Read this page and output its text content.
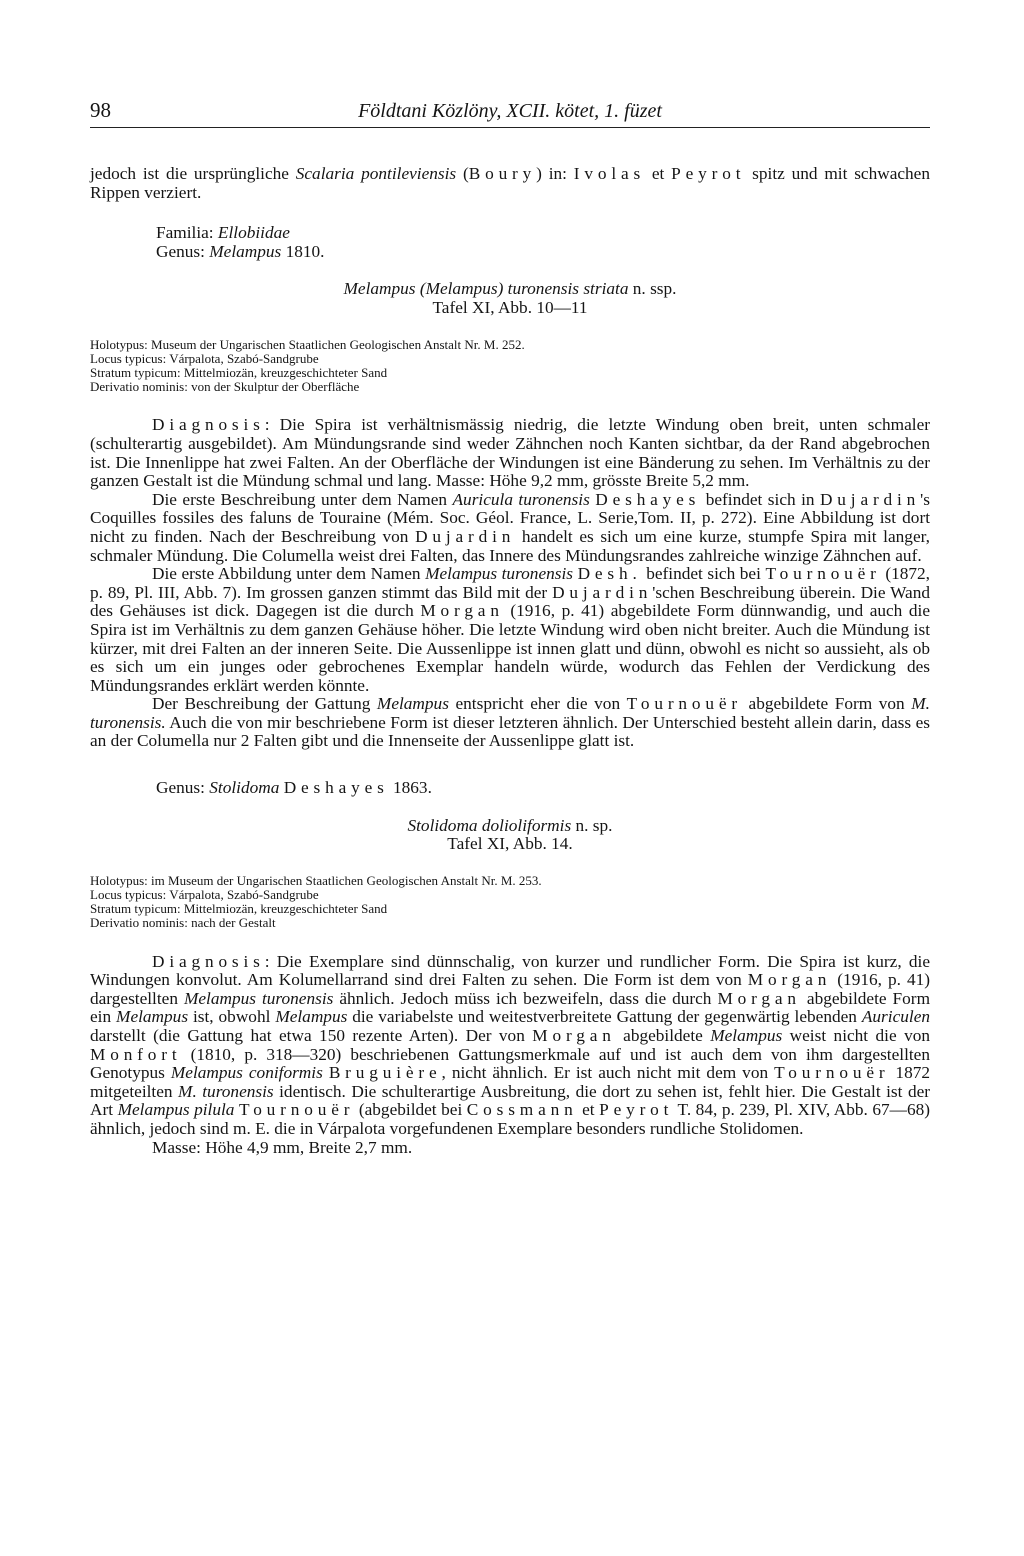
98	Földtani Közlöny, XCII. kötet, 1. füzet

jedoch ist die ursprüngliche Scalaria pontileviensis (Boury) in: Ivolas et Peyrot spitz und mit schwachen Rippen verziert.

Familia: Ellobiidae

Genus: Melampus 1810.

Melampus (Melampus) turonensis striata n. ssp.

Tafel XI, Abb. 10—11

Holotypus: Museum der Ungarischen Staatlichen Geologischen Anstalt Nr. M. 252.

Locus typicus: Várpalota, Szabó-Sandgrube

Stratum typicum: Mittelmiozän, kreuzgeschichteter Sand

Derivatio nominis: von der Skulptur der Oberfläche

Diagnosis: Die Spira ist verhältnismässig niedrig, die letzte Windung oben breit, unten schmaler (schulterartig ausgebildet). Am Mündungsrande sind weder Zähnchen noch Kanten sichtbar, da der Rand abgebrochen ist. Die Innenlippe hat zwei Falten. An der Oberfläche der Windungen ist eine Bänderung zu sehen. Im Verhältnis zu der ganzen Gestalt ist die Mündung schmal und lang. Masse: Höhe 9,2 mm, grösste Breite 5,2 mm.

Die erste Beschreibung unter dem Namen Auricula turonensis Deshayes befindet sich in Dujardin's Coquilles fossiles des faluns de Touraine (Mém. Soc. Géol. France, L. Serie,Tom. II, p. 272). Eine Abbildung ist dort nicht zu finden. Nach der Beschreibung von Dujardin handelt es sich um eine kurze, stumpfe Spira mit langer, schmaler Mündung. Die Columella weist drei Falten, das Innere des Mündungsrandes zahlreiche winzige Zähnchen auf.

Die erste Abbildung unter dem Namen Melampus turonensis Desh. befindet sich bei Tournouër (1872, p. 89, Pl. III, Abb. 7). Im grossen ganzen stimmt das Bild mit der Dujardin'schen Beschreibung überein. Die Wand des Gehäuses ist dick. Dagegen ist die durch Morgan (1916, p. 41) abgebildete Form dünnwandig, und auch die Spira ist im Verhältnis zu dem ganzen Gehäuse höher. Die letzte Windung wird oben nicht breiter. Auch die Mündung ist kürzer, mit drei Falten an der inneren Seite. Die Aussenlippe ist innen glatt und dünn, obwohl es nicht so aussieht, als ob es sich um ein junges oder gebrochenes Exemplar handeln würde, wodurch das Fehlen der Verdickung des Mündungsrandes erklärt werden könnte.

Der Beschreibung der Gattung Melampus entspricht eher die von Tournouër abgebildete Form von M. turonensis. Auch die von mir beschriebene Form ist dieser letzteren ähnlich. Der Unterschied besteht allein darin, dass es an der Columella nur 2 Falten gibt und die Innenseite der Aussenlippe glatt ist.

Genus: Stolidoma Deshayes 1863.

Stolidoma dolioliformis n. sp.

Tafel XI, Abb. 14.

Holotypus: im Museum der Ungarischen Staatlichen Geologischen Anstalt Nr. M. 253.

Locus typicus: Várpalota, Szabó-Sandgrube

Stratum typicum: Mittelmiozän, kreuzgeschichteter Sand

Derivatio nominis: nach der Gestalt

Diagnosis: Die Exemplare sind dünnschalig, von kurzer und rundlicher Form. Die Spira ist kurz, die Windungen konvolut. Am Kolumellarrand sind drei Falten zu sehen. Die Form ist dem von Morgan (1916, p. 41) dargestellten Melampus turonensis ähnlich. Jedoch müss ich bezweifeln, dass die durch Morgan abgebildete Form ein Melampus ist, obwohl Melampus die variabelste und weitestverbreitete Gattung der gegenwärtig lebenden Auriculen darstellt (die Gattung hat etwa 150 rezente Arten). Der von Morgan abgebildete Melampus weist nicht die von Monfort (1810, p. 318—320) beschriebenen Gattungsmerkmale auf und ist auch dem von ihm dargestellten Genotypus Melampus coniformis Bruguière, nicht ähnlich. Er ist auch nicht mit dem von Tournouër 1872 mitgeteilten M. turonensis identisch. Die schulterartige Ausbreitung, die dort zu sehen ist, fehlt hier. Die Gestalt ist der Art Melampus pilula Tournouër (abgebildet bei Cossmann et Peyrot T. 84, p. 239, Pl. XIV, Abb. 67—68) ähnlich, jedoch sind m. E. die in Várpalota vorgefundenen Exemplare besonders rundliche Stolidomen.

Masse: Höhe 4,9 mm, Breite 2,7 mm.
